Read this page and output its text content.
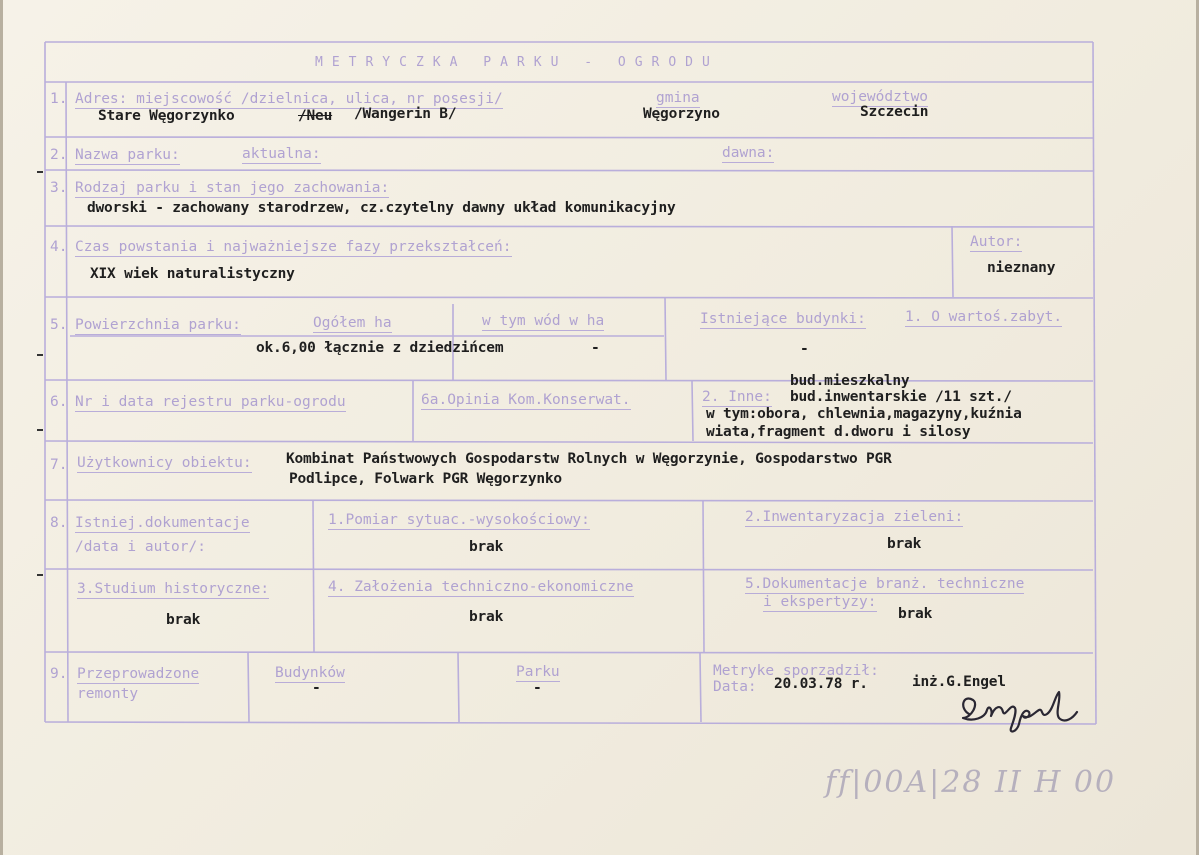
METRYCZKA PARKU - OGRODU
1. Adres: miejscowość /dzielnica, ulica, nr posesji/	gmina	województwo
Stare Węgorzynko	/Neu /Wangerin B/	Węgorzyno	Szczecin
2. Nazwa parku:	aktualna:	dawna:
3. Rodzaj parku i stan jego zachowania:
dworski - zachowany starodrzew, cz.czytelny dawny układ komunikacyjny
4. Czas powstania i najważniejsze fazy przekształceń:
XIX wiek naturalistyczny
Autor:
nieznany
5. Powierzchnia parku:	Ogółem ha	w tym wód w ha
ok.6,00 łącznie z dziedzińcem	-
Istniejące budynki:	1. O wartoś.zabyt.
-
6. Nr i data rejestru parku-ogrodu	6a.Opinia Kom.Konserwat.	2. Inne:
bud.mieszkalny
bud.inwentarskie /11 szt./
w tym:obora, chlewnia,magazyny,kuźnia
wiata,fragment d.dworu i silosy
7. Użytkownicy obiektu: Kombinat Państwowych Gospodarstw Rolnych w Węgorzynie, Gospodarstwo PGR
Podlipce, Folwark PGR Węgorzynko
8. Istniej.dokumentacje
/data i autor/:
1.Pomiar sytuac.-wysokościowy:
brak
2.Inwentaryzacja zieleni:
brak
3.Studium historyczne:
brak
4. Założenia techniczno-ekonomiczne
brak
5.Dokumentacje branż. techniczne
i ekspertyzy:
brak
9. Przeprowadzone
remonty
Budynków
-
Parku
-
Metryke sporzadził:
Data: 20.03.78 r.	inż.G.Engel
ff|00A|28 II H 00
